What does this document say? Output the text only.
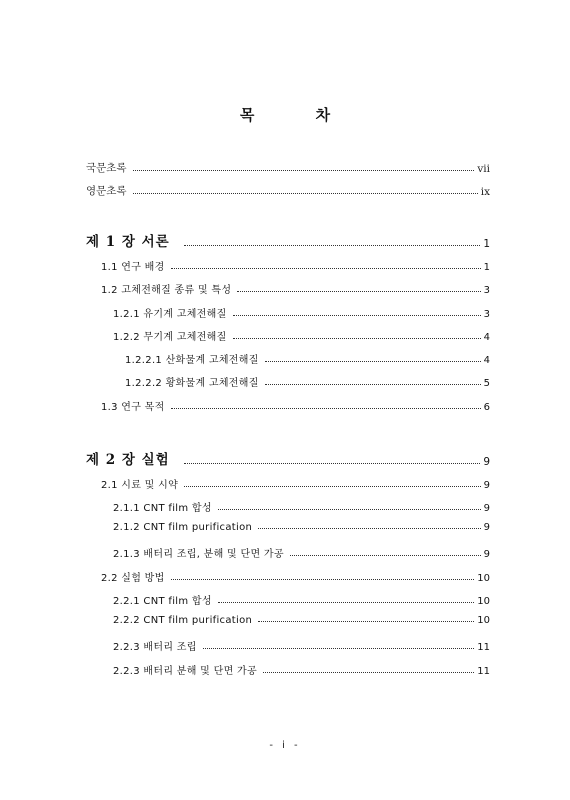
목 차
국문초록	vii
영문초록	ix
제 1 장 서론	1
1.1 연구 배경	1
1.2 고체전해질 종류 및 특성	3
1.2.1 유기계 고체전해질	3
1.2.2 무기계 고체전해질	4
1.2.2.1 산화물계 고체전해질	4
1.2.2.2 황화물계 고체전해질	5
1.3 연구 목적	6
제 2 장 실험	9
2.1 시료 및 시약	9
2.1.1 CNT film 합성	9
2.1.2 CNT film purification	9
2.1.3 배터리 조립, 분해 및 단면 가공	9
2.2 실험 방법	10
2.2.1 CNT film 합성	10
2.2.2 CNT film purification	10
2.2.3 배터리 조립	11
2.2.3 배터리 분해 및 단면 가공	11
- i -
